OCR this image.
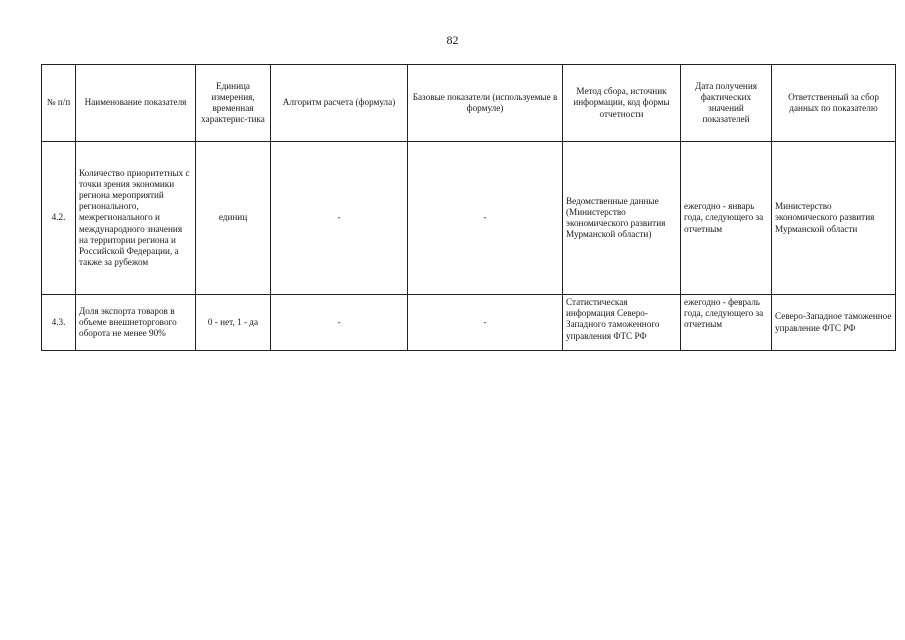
82
№ п/п	Наименование показателя	Единица измерения, временная характерис-тика	Алгоритм расчета (формула)	Базовые показатели (используемые в формуле)	Метод сбора, источник информации, код формы отчетности	Дата получения фактических значений показателей	Ответственный за сбор данных по показателю
4.2.	Количество приоритетных с точки зрения экономики региона мероприятий регионального, межрегионального и международного значения на территории региона и Российской Федерации, а также за рубежом	единиц	-	-	Ведомственные данные (Министерство экономического развития Мурманской области)	ежегодно - январь года, следующего за отчетным	Министерство экономического развития Мурманской области
4.3.	Доля экспорта товаров в объеме внешнеторгового оборота не менее 90%	0 - нет, 1 - да	-	-	Статистическая информация Северо-Западного таможенного управления ФТС РФ	ежегодно - февраль года, следующего за отчетным	Северо-Западное таможенное управление ФТС РФ
